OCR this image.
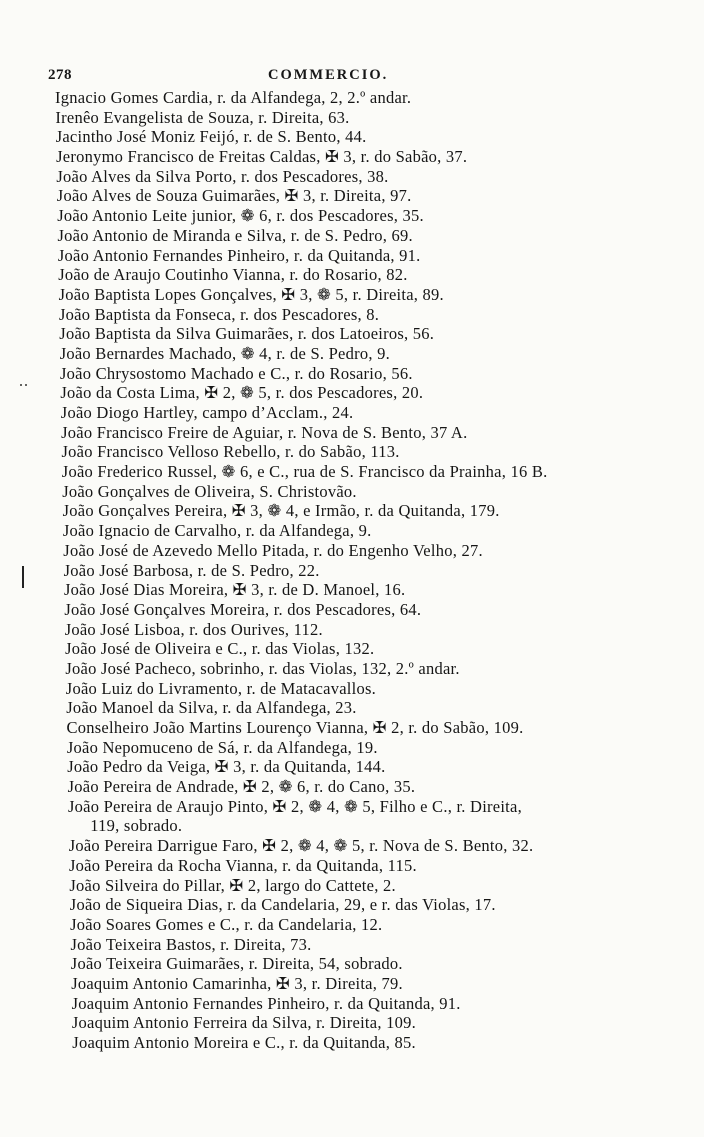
278	COMMERCIO.
Ignacio Gomes Cardia, r. da Alfandega, 2, 2.º andar.
Irenêo Evangelista de Souza, r. Direita, 63.
Jacintho José Moniz Feijó, r. de S. Bento, 44.
Jeronymo Francisco de Freitas Caldas, ✠ 3, r. do Sabão, 37.
João Alves da Silva Porto, r. dos Pescadores, 38.
João Alves de Souza Guimarães, ✠ 3, r. Direita, 97.
João Antonio Leite junior, ❁ 6, r. dos Pescadores, 35.
João Antonio de Miranda e Silva, r. de S. Pedro, 69.
João Antonio Fernandes Pinheiro, r. da Quitanda, 91.
João de Araujo Coutinho Vianna, r. do Rosario, 82.
João Baptista Lopes Gonçalves, ✠ 3, ❁ 5, r. Direita, 89.
João Baptista da Fonseca, r. dos Pescadores, 8.
João Baptista da Silva Guimarães, r. dos Latoeiros, 56.
João Bernardes Machado, ❁ 4, r. de S. Pedro, 9.
João Chrysostomo Machado e C., r. do Rosario, 56.
João da Costa Lima, ✠ 2, ❁ 5, r. dos Pescadores, 20.
João Diogo Hartley, campo d’Acclam., 24.
João Francisco Freire de Aguiar, r. Nova de S. Bento, 37 A.
João Francisco Velloso Rebello, r. do Sabão, 113.
João Frederico Russel, ❁ 6, e C., rua de S. Francisco da Prainha, 16 B.
João Gonçalves de Oliveira, S. Christovão.
João Gonçalves Pereira, ✠ 3, ❁ 4, e Irmão, r. da Quitanda, 179.
João Ignacio de Carvalho, r. da Alfandega, 9.
João José de Azevedo Mello Pitada, r. do Engenho Velho, 27.
João José Barbosa, r. de S. Pedro, 22.
João José Dias Moreira, ✠ 3, r. de D. Manoel, 16.
João José Gonçalves Moreira, r. dos Pescadores, 64.
João José Lisboa, r. dos Ourives, 112.
João José de Oliveira e C., r. das Violas, 132.
João José Pacheco, sobrinho, r. das Violas, 132, 2.º andar.
João Luiz do Livramento, r. de Matacavallos.
João Manoel da Silva, r. da Alfandega, 23.
Conselheiro João Martins Lourenço Vianna, ✠ 2, r. do Sabão, 109.
João Nepomuceno de Sá, r. da Alfandega, 19.
João Pedro da Veiga, ✠ 3, r. da Quitanda, 144.
João Pereira de Andrade, ✠ 2, ❁ 6, r. do Cano, 35.
João Pereira de Araujo Pinto, ✠ 2, ❁ 4, ❁ 5, Filho e C., r. Direita,
119, sobrado.
João Pereira Darrigue Faro, ✠ 2, ❁ 4, ❁ 5, r. Nova de S. Bento, 32.
João Pereira da Rocha Vianna, r. da Quitanda, 115.
João Silveira do Pillar, ✠ 2, largo do Cattete, 2.
João de Siqueira Dias, r. da Candelaria, 29, e r. das Violas, 17.
João Soares Gomes e C., r. da Candelaria, 12.
João Teixeira Bastos, r. Direita, 73.
João Teixeira Guimarães, r. Direita, 54, sobrado.
Joaquim Antonio Camarinha, ✠ 3, r. Direita, 79.
Joaquim Antonio Fernandes Pinheiro, r. da Quitanda, 91.
Joaquim Antonio Ferreira da Silva, r. Direita, 109.
Joaquim Antonio Moreira e C., r. da Quitanda, 85.
